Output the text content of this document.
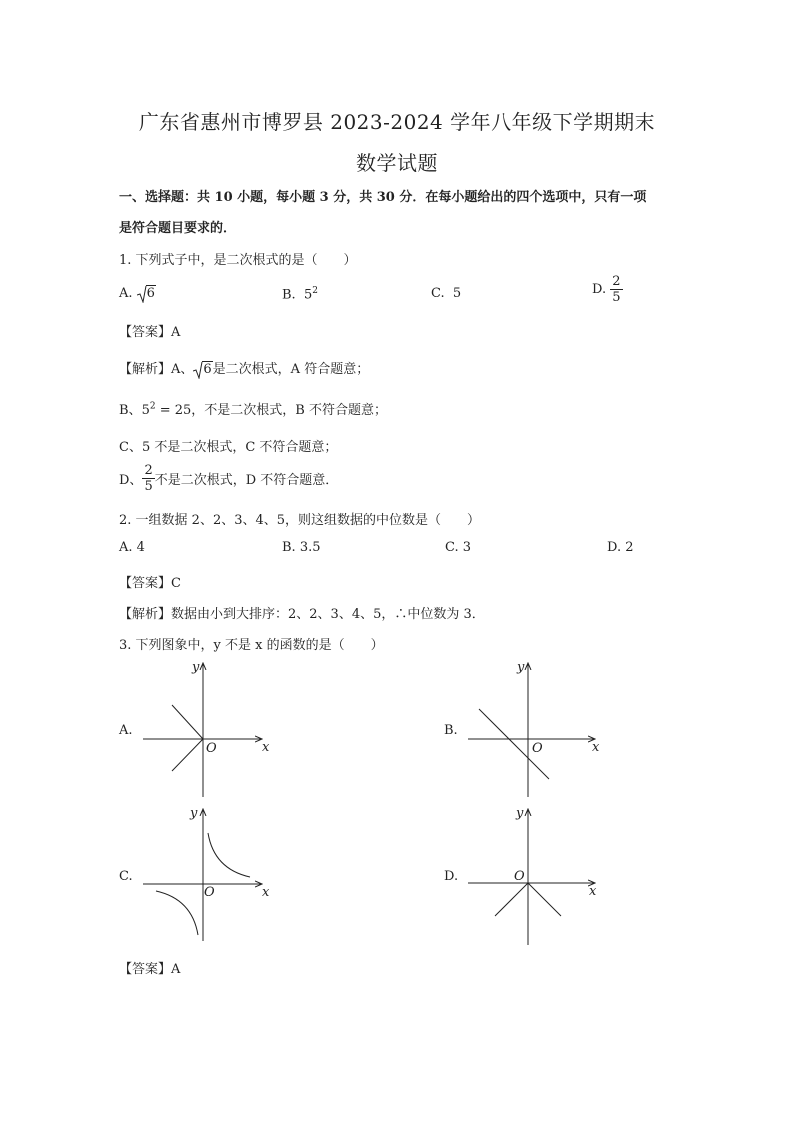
广东省惠州市博罗县 2023-2024 学年八年级下学期期末
数学试题
一、选择题：共 10 小题，每小题 3 分，共 30 分．在每小题给出的四个选项中，只有一项
是符合题目要求的．
1. 下列式子中，是二次根式的是（　　）
A. 6	B. $5^2$	C. 5	D. $\frac{2}{5}$
【答案】A
【解析】A、 6是二次根式，A 符合题意；
B、$5^2 = 25$，不是二次根式，B 不符合题意；
C、5 不是二次根式，C 不符合题意；
D、 $\frac{2}{5}$ 不是二次根式，D 不符合题意．
2. 一组数据 2、2、3、4、5，则这组数据的中位数是（　　）
A. 4	B. 3.5	C. 3	D. 2
【答案】C
【解析】数据由小到大排序：2、2、3、4、5，∴中位数为 3．
3. 下列图象中，y 不是 x 的函数的是（　　）
A.	B.
C.	D.
x
y
O	x
y
O
x
y
O	x
y
O
【答案】A
